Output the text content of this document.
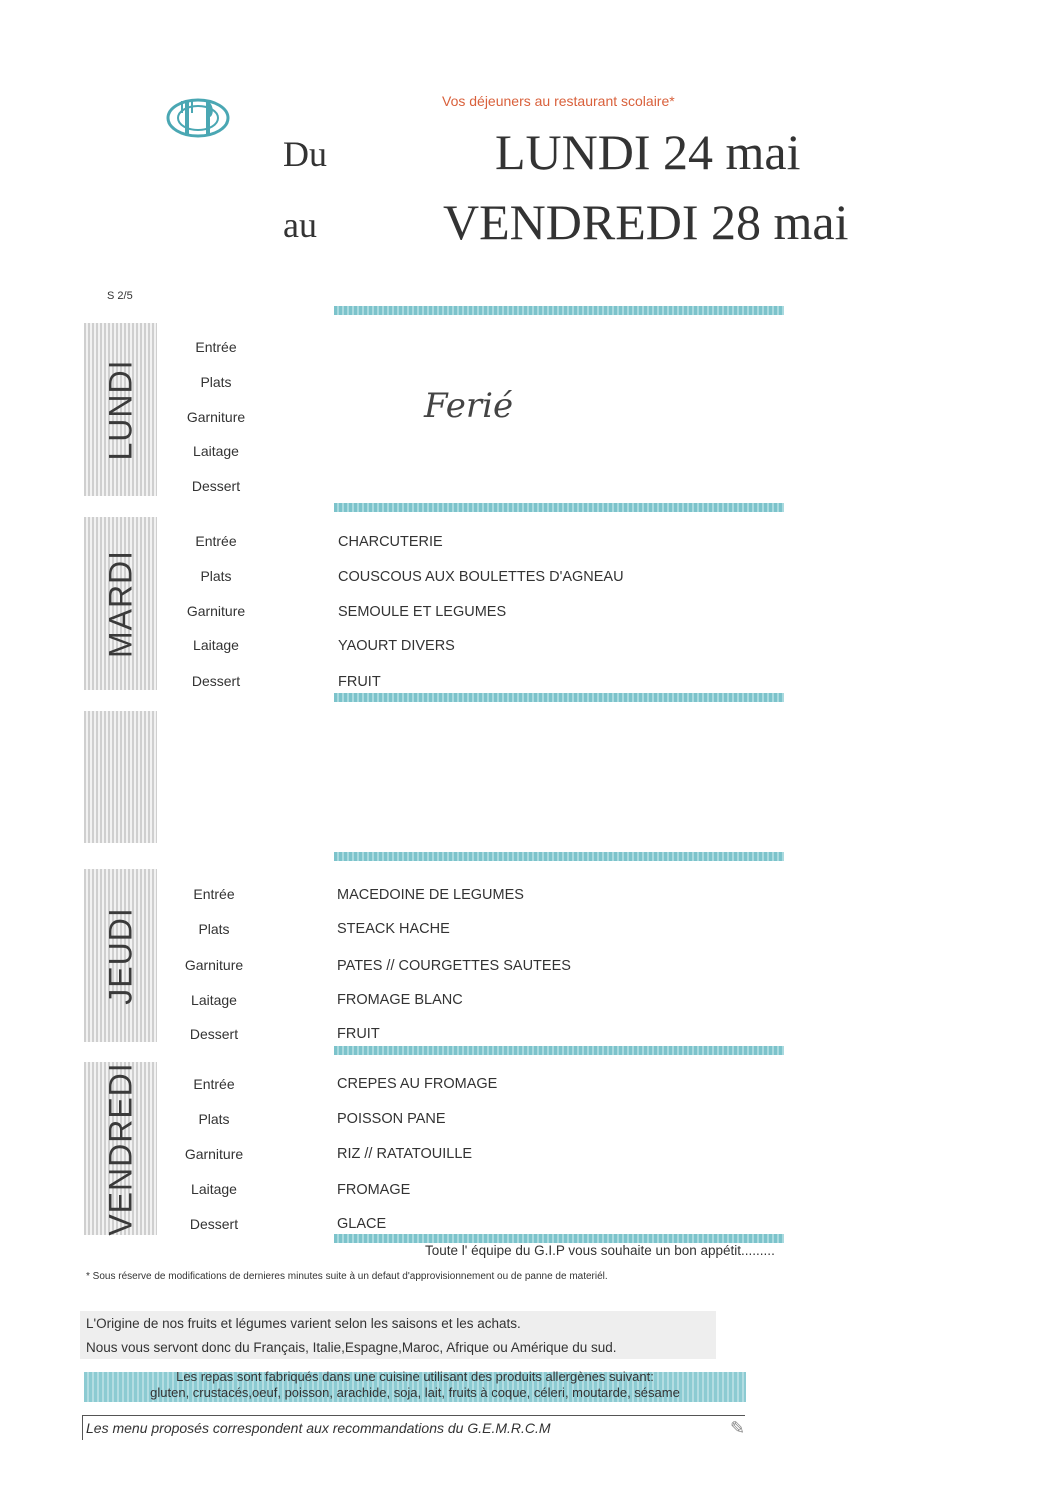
Vos déjeuners au restaurant scolaire*
Du
au
LUNDI 24 mai
VENDREDI 28 mai
S 2/5
LUNDI
MARDI
JEUDI
VENDREDI
Entrée
Plats
Garniture
Laitage
Dessert
Ferié
Entrée
Plats
Garniture
Laitage
Dessert
CHARCUTERIE
COUSCOUS AUX BOULETTES D'AGNEAU
SEMOULE ET LEGUMES
YAOURT DIVERS
FRUIT
Entrée
Plats
Garniture
Laitage
Dessert
MACEDOINE DE LEGUMES
STEACK HACHE
PATES // COURGETTES SAUTEES
FROMAGE BLANC
FRUIT
Entrée
Plats
Garniture
Laitage
Dessert
CREPES AU FROMAGE
POISSON PANE
RIZ // RATATOUILLE
FROMAGE
GLACE
Toute l' équipe du G.I.P vous souhaite un bon appétit.........
* Sous réserve de modifications de dernieres minutes suite à un defaut d'approvisionnement ou de panne de materiél.
L'Origine de nos fruits et légumes varient selon les saisons et les achats.
Nous vous servont donc du Français, Italie,Espagne,Maroc, Afrique ou Amérique du sud.
Les repas sont fabriqués dans une cuisine utilisant des produits allergènes suivant:
gluten, crustacés,oeuf, poisson, arachide, soja, lait, fruits à coque, céleri, moutarde, sésame
Les menu proposés correspondent aux recommandations du G.E.M.R.C.M	✎
